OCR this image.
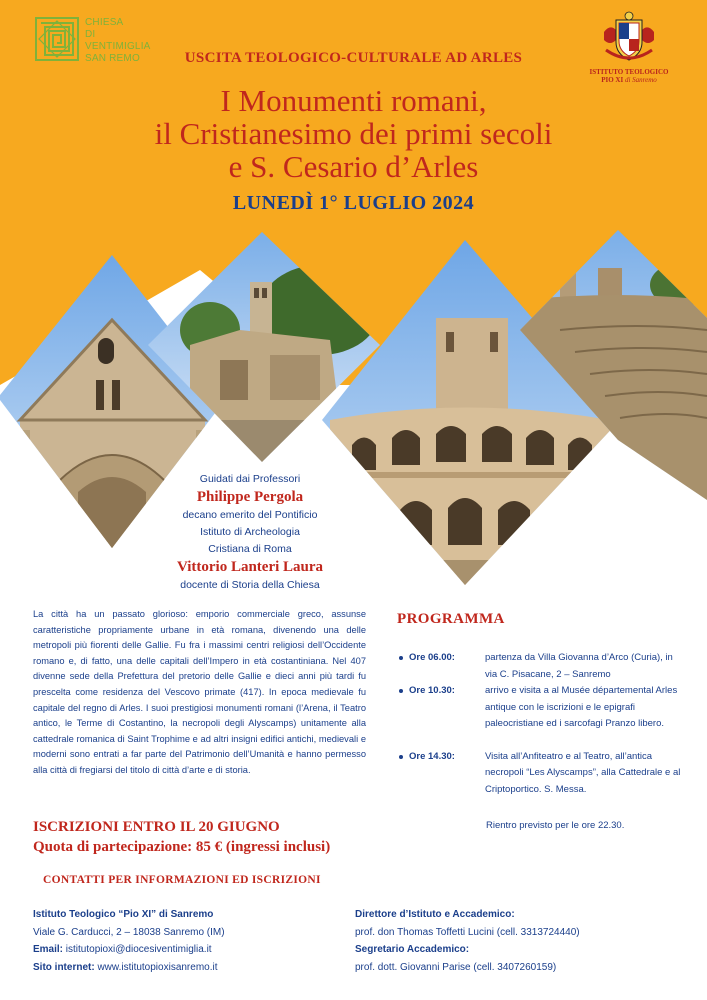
CHIESA
DI
VENTIMIGLIA
SAN REMO
ISTITUTO TEOLOGICO
PIO XI di Sanremo
USCITA TEOLOGICO-CULTURALE AD ARLES
I Monumenti romani,
il Cristianesimo dei primi secoli
e S. Cesario d’Arles
LUNEDÌ 1° LUGLIO 2024
Guidati dai Professori
Philippe Pergola
decano emerito del Pontificio
Istituto di Archeologia
Cristiana di Roma
Vittorio Lanteri Laura
docente di Storia della Chiesa
La città ha un passato glorioso: emporio commerciale greco, assunse caratteristiche propriamente urbane in età romana, divenendo una delle metropoli più fiorenti delle Gallie. Fu fra i massimi centri religiosi dell’Occidente romano e, di fatto, una delle capitali dell’Impero in età costantiniana. Nel 407 divenne sede della Prefettura del pretorio delle Gallie e dieci anni più tardi fu prescelta come residenza del Vescovo primate (417). In epoca medievale fu capitale del regno di Arles. I suoi prestigiosi monumenti romani (l’Arena, il Teatro antico, le Terme di Costantino, la necropoli degli Alyscamps) unitamente alla cattedrale romanica di Saint Trophime e ad altri insigni edifici antichi, medievali e moderni sono entrati a far parte del Patrimonio dell’Umanità e hanno permesso alla città di fregiarsi del titolo di città d’arte e di storia.
PROGRAMMA
Ore 06.00:	partenza da Villa Giovanna d’Arco (Curia), in via C. Pisacane, 2 – Sanremo
Ore 10.30:	arrivo e visita a al Musée départemental Arles antique con le iscrizioni e le epigrafi paleocristiane ed i sarcofagi Pranzo libero.
Ore 14.30:	Visita all’Anfiteatro e al Teatro, all’antica necropoli “Les Alyscamps”, alla Cattedrale e al Criptoportico. S. Messa.
Rientro previsto per le ore 22.30.
ISCRIZIONI ENTRO IL 20 GIUGNO
Quota di partecipazione: 85 € (ingressi inclusi)
CONTATTI PER INFORMAZIONI ED ISCRIZIONI
Istituto Teologico “Pio XI” di Sanremo
Viale G. Carducci, 2 – 18038 Sanremo (IM)
Email: istitutopioxi@diocesiventimiglia.it
Sito internet: www.istitutopioxisanremo.it
Direttore d’Istituto e Accademico:
prof. don Thomas Toffetti Lucini (cell. 3313724440)
Segretario Accademico:
prof. dott. Giovanni Parise (cell. 3407260159)
